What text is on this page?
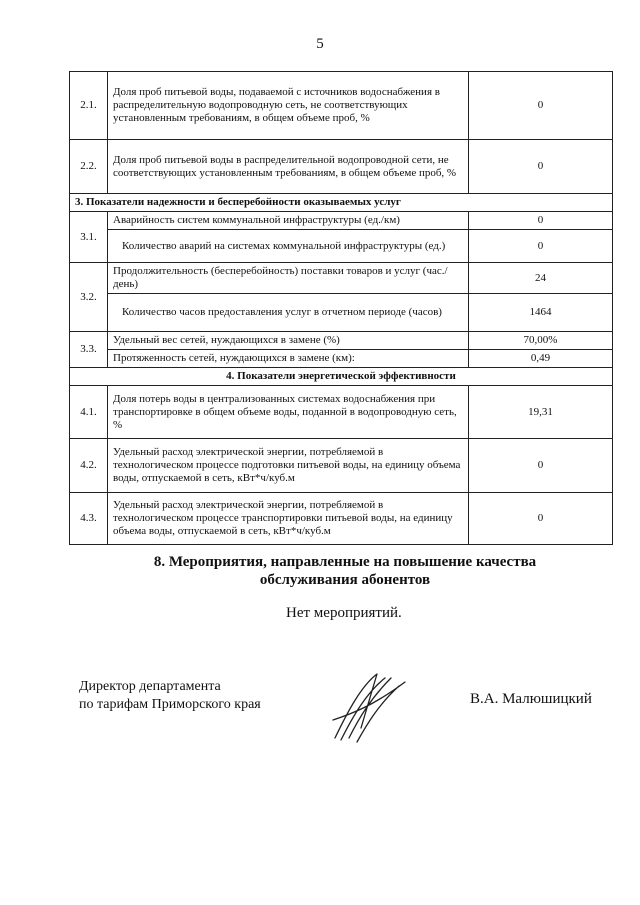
5
2.1.	Доля проб питьевой воды, подаваемой с источников водоснабжения в распределительную водопроводную сеть, не соответствующих установленным требованиям, в общем объеме проб, %	0
2.2.	Доля проб питьевой воды в распределительной водопроводной сети, не соответствующих установленным требованиям, в общем объеме проб, %	0
3. Показатели надежности и бесперебойности оказываемых услуг		
3.1.	Аварийность систем коммунальной инфраструктуры (ед./км)	0
	Количество аварий на системах коммунальной инфраструктуры (ед.)	0
3.2.	Продолжительность (бесперебойность) поставки товаров и услуг (час./день)	24
	Количество часов предоставления услуг в отчетном периоде (часов)	1464
3.3.	Удельный вес сетей, нуждающихся в замене (%)	70,00%
	Протяженность сетей, нуждающихся в замене (км):	0,49
4. Показатели энергетической эффективности		
4.1.	Доля потерь воды в централизованных системах водоснабжения при транспортировке в общем объеме воды, поданной в водопроводную сеть, %	19,31
4.2.	Удельный расход электрической энергии, потребляемой в технологическом процессе подготовки питьевой воды, на единицу объема воды, отпускаемой в сеть, кВт*ч/куб.м	0
4.3.	Удельный расход электрической энергии, потребляемой в технологическом процессе транспортировки питьевой воды, на единицу объема воды, отпускаемой в сеть, кВт*ч/куб.м	0
8. Мероприятия, направленные на повышение качества
обслуживания абонентов
Нет мероприятий.
Директор департамента
по тарифам Приморского края	В.А. Малюшицкий
